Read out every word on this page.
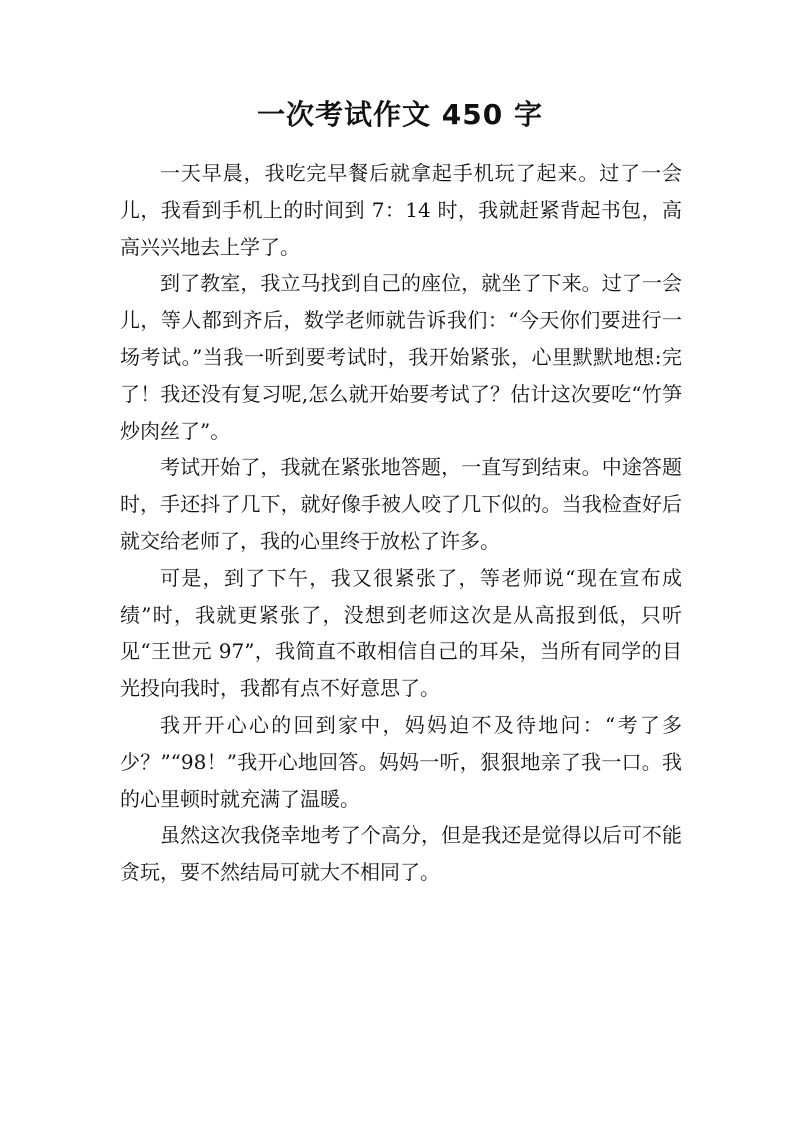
一次考试作文 450 字

一天早晨，我吃完早餐后就拿起手机玩了起来。过了一会儿，我看到手机上的时间到 7：14 时，我就赶紧背起书包，高高兴兴地去上学了。

到了教室，我立马找到自己的座位，就坐了下来。过了一会儿，等人都到齐后，数学老师就告诉我们：“今天你们要进行一场考试。”当我一听到要考试时，我开始紧张，心里默默地想:完了！我还没有复习呢,怎么就开始要考试了？估计这次要吃“竹笋炒肉丝了”。

考试开始了，我就在紧张地答题，一直写到结束。中途答题时，手还抖了几下，就好像手被人咬了几下似的。当我检查好后就交给老师了，我的心里终于放松了许多。

可是，到了下午，我又很紧张了，等老师说“现在宣布成绩”时，我就更紧张了，没想到老师这次是从高报到低，只听见“王世元 97”，我简直不敢相信自己的耳朵，当所有同学的目光投向我时，我都有点不好意思了。

我开开心心的回到家中，妈妈迫不及待地问：“考了多少？”“98！”我开心地回答。妈妈一听，狠狠地亲了我一口。我的心里顿时就充满了温暖。

虽然这次我侥幸地考了个高分，但是我还是觉得以后可不能贪玩，要不然结局可就大不相同了。
